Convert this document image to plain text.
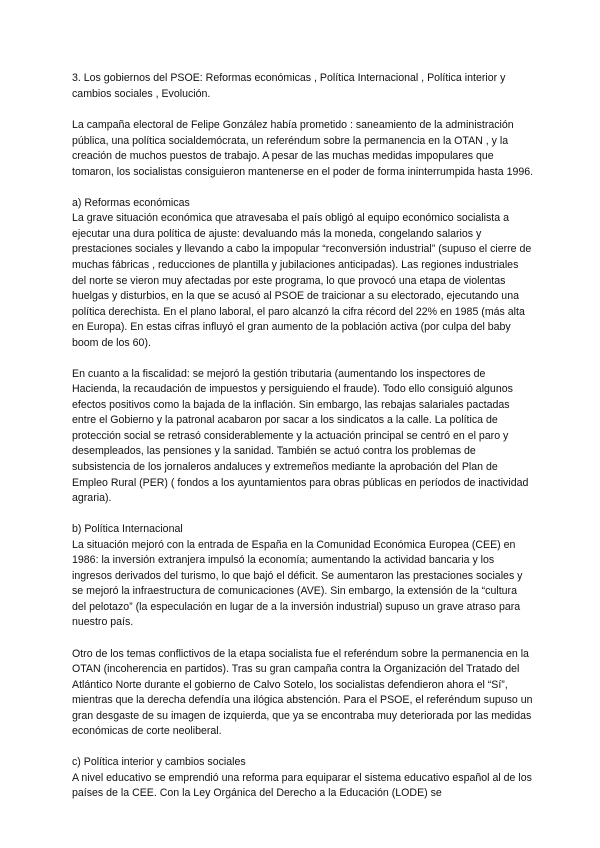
3. Los gobiernos del PSOE: Reformas económicas , Política Internacional , Política interior y cambios sociales , Evolución.

La campaña electoral de Felipe González había prometido : saneamiento de la administración pública, una política socialdemócrata, un referéndum sobre la permanencia en la OTAN , y la creación de muchos puestos de trabajo. A pesar de las muchas medidas impopulares que tomaron, los socialistas consiguieron mantenerse en el poder de forma ininterrumpida hasta 1996.

a) Reformas económicas

La grave situación económica que atravesaba el país obligó al equipo económico socialista a ejecutar una dura política de ajuste: devaluando más la moneda, congelando salarios y prestaciones sociales y llevando a cabo la impopular “reconversión industrial” (supuso el cierre de muchas fábricas , reducciones de plantilla y jubilaciones anticipadas). Las regiones industriales del norte se vieron muy afectadas por este programa, lo que provocó una etapa de violentas huelgas y disturbios, en la que se acusó al PSOE de traicionar a su electorado, ejecutando una política derechista. En el plano laboral, el paro alcanzó la cifra récord del 22% en 1985 (más alta en Europa). En estas cifras influyó el gran aumento de la población activa (por culpa del baby boom de los 60).

En cuanto a la fiscalidad: se mejoró la gestión tributaria (aumentando los inspectores de Hacienda, la recaudación de impuestos y persiguiendo el fraude). Todo ello consiguió algunos efectos positivos como la bajada de la inflación. Sin embargo, las rebajas salariales pactadas entre el Gobierno y la patronal acabaron por sacar a los sindicatos a la calle. La política de protección social se retrasó considerablemente y la actuación principal se centró en el paro y desempleados, las pensiones y la sanidad. También se actuó contra los problemas de subsistencia de los jornaleros andaluces y extremeños mediante la aprobación del Plan de Empleo Rural (PER) ( fondos a los ayuntamientos para obras públicas en períodos de inactividad agraria).

b) Política Internacional

La situación mejoró con la entrada de España en la Comunidad Económica Europea (CEE) en 1986: la inversión extranjera impulsó la economía; aumentando la actividad bancaria y los ingresos derivados del turismo, lo que bajó el déficit. Se aumentaron las prestaciones sociales y se mejoró la infraestructura de comunicaciones (AVE). Sin embargo, la extensión de la “cultura del pelotazo” (la especulación en lugar de a la inversión industrial) supuso un grave atraso para nuestro país.

Otro de los temas conflictivos de la etapa socialista fue el referéndum sobre la permanencia en la OTAN (incoherencia en partidos). Tras su gran campaña contra la Organización del Tratado del Atlántico Norte durante el gobierno de Calvo Sotelo, los socialistas defendieron ahora el “Sí”, mientras que la derecha defendía una ilógica abstención. Para el PSOE, el referéndum supuso un gran desgaste de su imagen de izquierda, que ya se encontraba muy deteriorada por las medidas económicas de corte neoliberal.

c) Política interior y cambios sociales

A nivel educativo se emprendió una reforma para equiparar el sistema educativo español al de los países de la CEE. Con la Ley Orgánica del Derecho a la Educación (LODE) se
